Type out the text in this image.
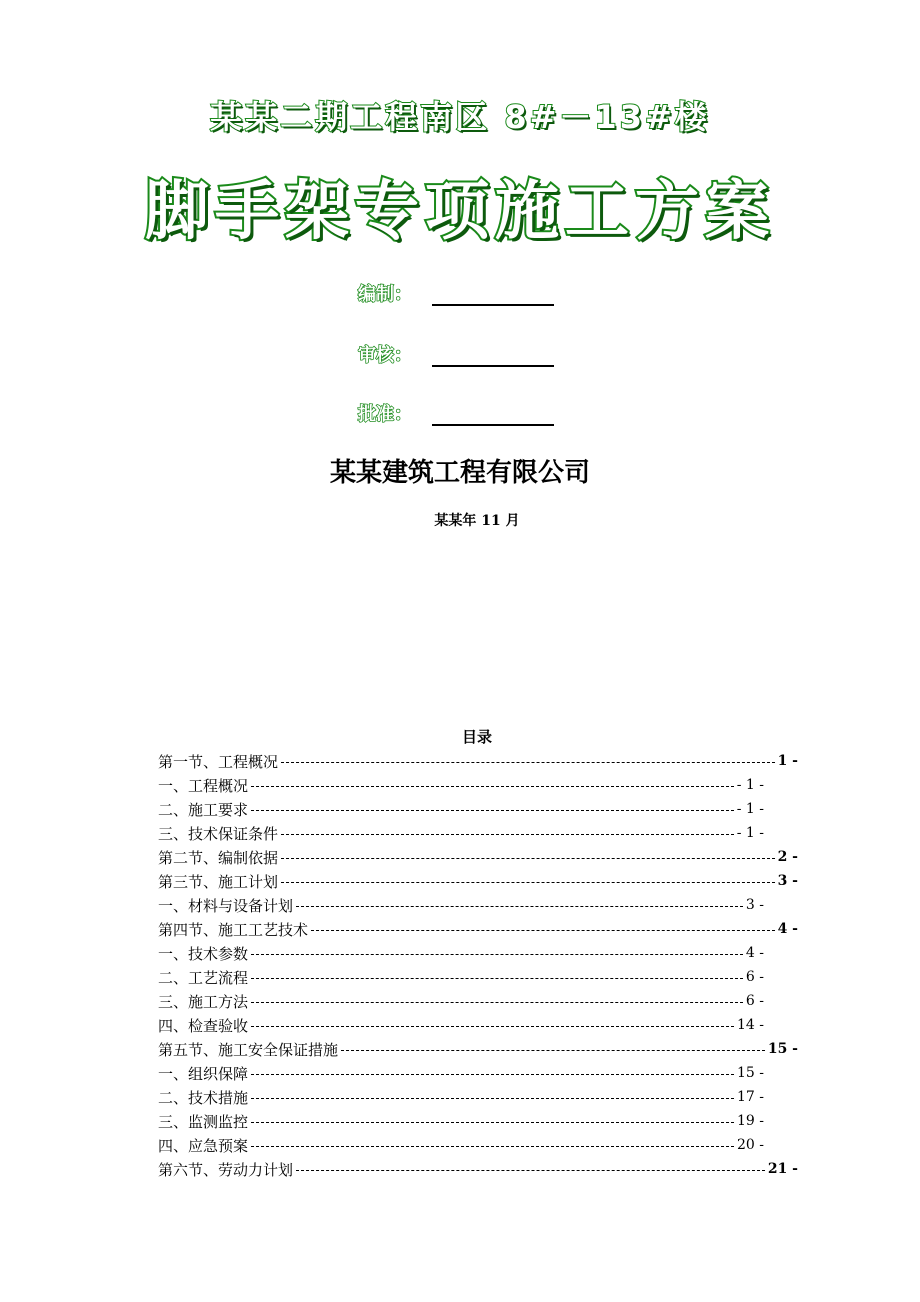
某某二期工程南区 8#－13#楼
脚手架专项施工方案
编制：
审核：
批准：
某某建筑工程有限公司
某某年 11 月
目录
第一节、工程概况	1 -
一、工程概况	- 1 -
二、施工要求	- 1 -
三、技术保证条件	- 1 -
第二节、编制依据	2 -
第三节、施工计划	3 -
一、材料与设备计划	3 -
第四节、施工工艺技术	4 -
一、技术参数	4 -
二、工艺流程	6 -
三、施工方法	6 -
四、检查验收	14 -
第五节、施工安全保证措施	15 -
一、组织保障	15 -
二、技术措施	17 -
三、监测监控	19 -
四、应急预案	20 -
第六节、劳动力计划	21 -
